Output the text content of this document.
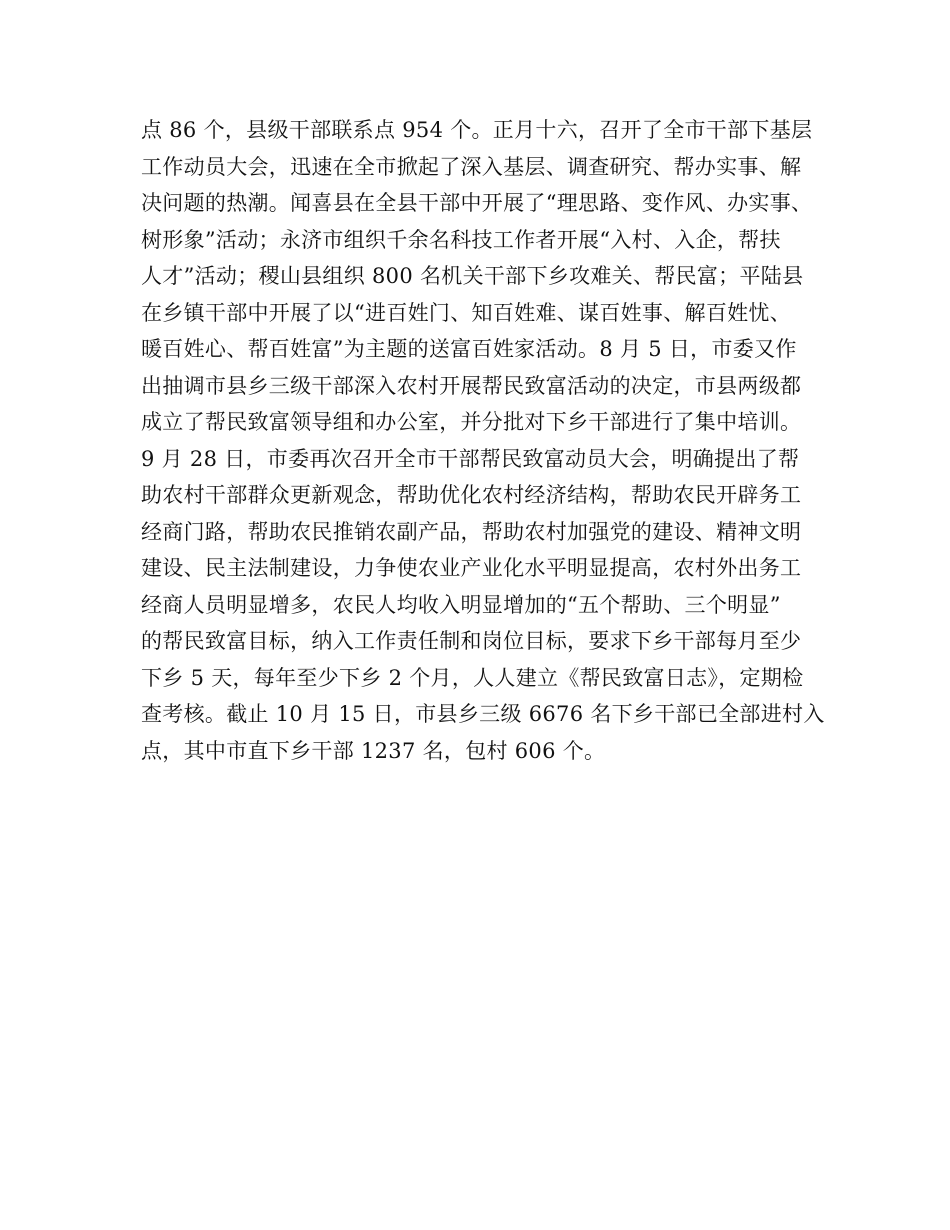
点 86 个，县级干部联系点 954 个。正月十六，召开了全市干部下基层
工作动员大会，迅速在全市掀起了深入基层、调查研究、帮办实事、解
决问题的热潮。闻喜县在全县干部中开展了“理思路、变作风、办实事、
树形象”活动；永济市组织千余名科技工作者开展“入村、入企，帮扶
人才”活动；稷山县组织 800 名机关干部下乡攻难关、帮民富；平陆县
在乡镇干部中开展了以“进百姓门、知百姓难、谋百姓事、解百姓忧、
暖百姓心、帮百姓富”为主题的送富百姓家活动。8 月 5 日，市委又作
出抽调市县乡三级干部深入农村开展帮民致富活动的决定，市县两级都
成立了帮民致富领导组和办公室，并分批对下乡干部进行了集中培训。
9 月 28 日，市委再次召开全市干部帮民致富动员大会，明确提出了帮
助农村干部群众更新观念，帮助优化农村经济结构，帮助农民开辟务工
经商门路，帮助农民推销农副产品，帮助农村加强党的建设、精神文明
建设、民主法制建设，力争使农业产业化水平明显提高，农村外出务工
经商人员明显增多，农民人均收入明显增加的“五个帮助、三个明显”
的帮民致富目标，纳入工作责任制和岗位目标，要求下乡干部每月至少
下乡 5 天，每年至少下乡 2 个月，人人建立《帮民致富日志》，定期检
查考核。截止 10 月 15 日，市县乡三级 6676 名下乡干部已全部进村入
点，其中市直下乡干部 1237 名，包村 606 个。
